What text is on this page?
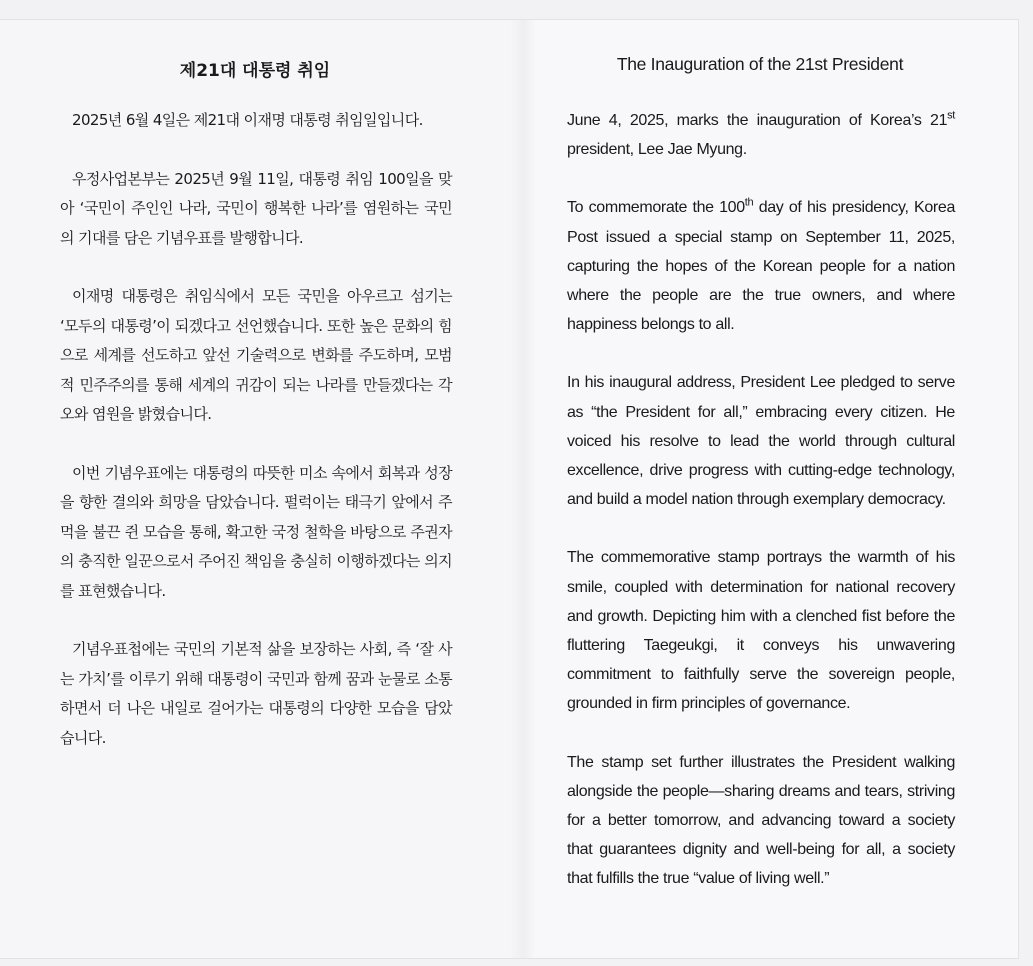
제21대 대통령 취임

2025년 6월 4일은 제21대 이재명 대통령 취임일입니다.

우정사업본부는 2025년 9월 11일, 대통령 취임 100일을 맞아 ‘국민이 주인인 나라, 국민이 행복한 나라’를 염원하는 국민의 기대를 담은 기념우표를 발행합니다.

이재명 대통령은 취임식에서 모든 국민을 아우르고 섬기는 ‘모두의 대통령’이 되겠다고 선언했습니다. 또한 높은 문화의 힘으로 세계를 선도하고 앞선 기술력으로 변화를 주도하며, 모범적 민주주의를 통해 세계의 귀감이 되는 나라를 만들겠다는 각오와 염원을 밝혔습니다.

이번 기념우표에는 대통령의 따뜻한 미소 속에서 회복과 성장을 향한 결의와 희망을 담았습니다. 펄럭이는 태극기 앞에서 주먹을 불끈 쥔 모습을 통해, 확고한 국정 철학을 바탕으로 주권자의 충직한 일꾼으로서 주어진 책임을 충실히 이행하겠다는 의지를 표현했습니다.

기념우표첩에는 국민의 기본적 삶을 보장하는 사회, 즉 ‘잘 사는 가치’를 이루기 위해 대통령이 국민과 함께 꿈과 눈물로 소통하면서 더 나은 내일로 걸어가는 대통령의 다양한 모습을 담았습니다.

The Inauguration of the 21st President

June 4, 2025, marks the inauguration of Korea’s 21st president, Lee Jae Myung.

To commemorate the 100th day of his presidency, Korea Post issued a special stamp on September 11, 2025, capturing the hopes of the Korean people for a nation where the people are the true owners, and where happiness belongs to all.

In his inaugural address, President Lee pledged to serve as “the President for all,” embracing every citizen. He voiced his resolve to lead the world through cultural excellence, drive progress with cutting-edge technology, and build a model nation through exemplary democracy.

The commemorative stamp portrays the warmth of his smile, coupled with determination for national recovery and growth. Depicting him with a clenched fist before the fluttering Taegeukgi, it conveys his unwavering commitment to faithfully serve the sovereign people, grounded in firm principles of governance.

The stamp set further illustrates the President walking alongside the people—sharing dreams and tears, striving for a better tomorrow, and advancing toward a society that guarantees dignity and well-being for all, a society that fulfills the true “value of living well.”
